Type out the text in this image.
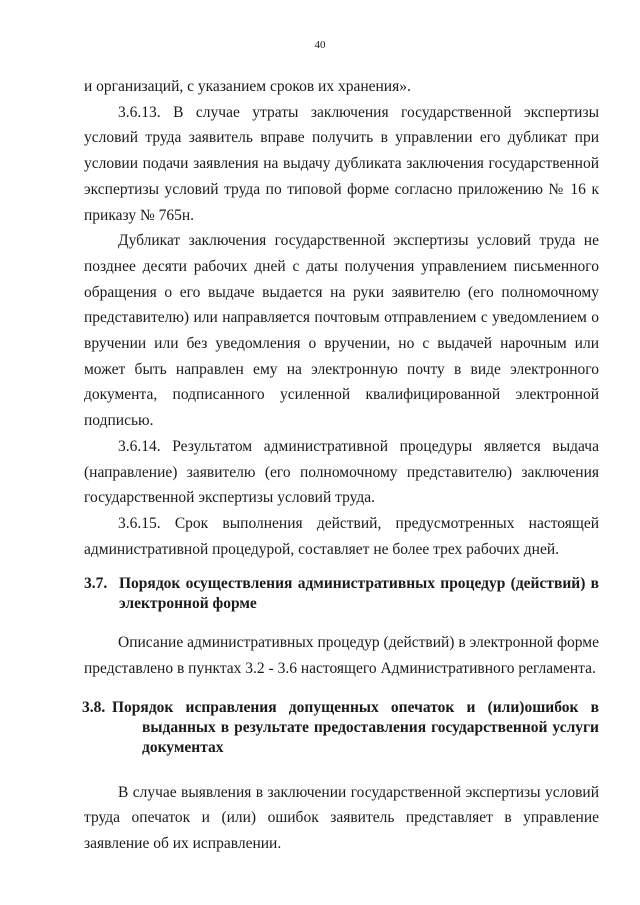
40

и организаций, с указанием сроков их хранения».

3.6.13. В случае утраты заключения государственной экспертизы условий труда заявитель вправе получить в управлении его дубликат при условии подачи заявления на выдачу дубликата заключения государственной экспертизы условий труда по типовой форме согласно приложению № 16 к приказу № 765н.

Дубликат заключения государственной экспертизы условий труда не позднее десяти рабочих дней с даты получения управлением письменного обращения о его выдаче выдается на руки заявителю (его полномочному представителю) или направляется почтовым отправлением с уведомлением о вручении или без уведомления о вручении, но с выдачей нарочным или может быть направлен ему на электронную почту в виде электронного документа, подписанного усиленной квалифицированной электронной подписью.

3.6.14. Результатом административной процедуры является выдача (направление) заявителю (его полномочному представителю) заключения государственной экспертизы условий труда.

3.6.15. Срок выполнения действий, предусмотренных настоящей административной процедурой, составляет не более трех рабочих дней.

3.7. Порядок осуществления административных процедур (действий) в электронной форме

Описание административных процедур (действий) в электронной форме представлено в пунктах 3.2 - 3.6 настоящего Административного регламента.

3.8. Порядок исправления допущенных опечаток и (или)ошибок в выданных в результате предоставления государственной услуги документах

В случае выявления в заключении государственной экспертизы условий труда опечаток и (или) ошибок заявитель представляет в управление заявление об их исправлении.
